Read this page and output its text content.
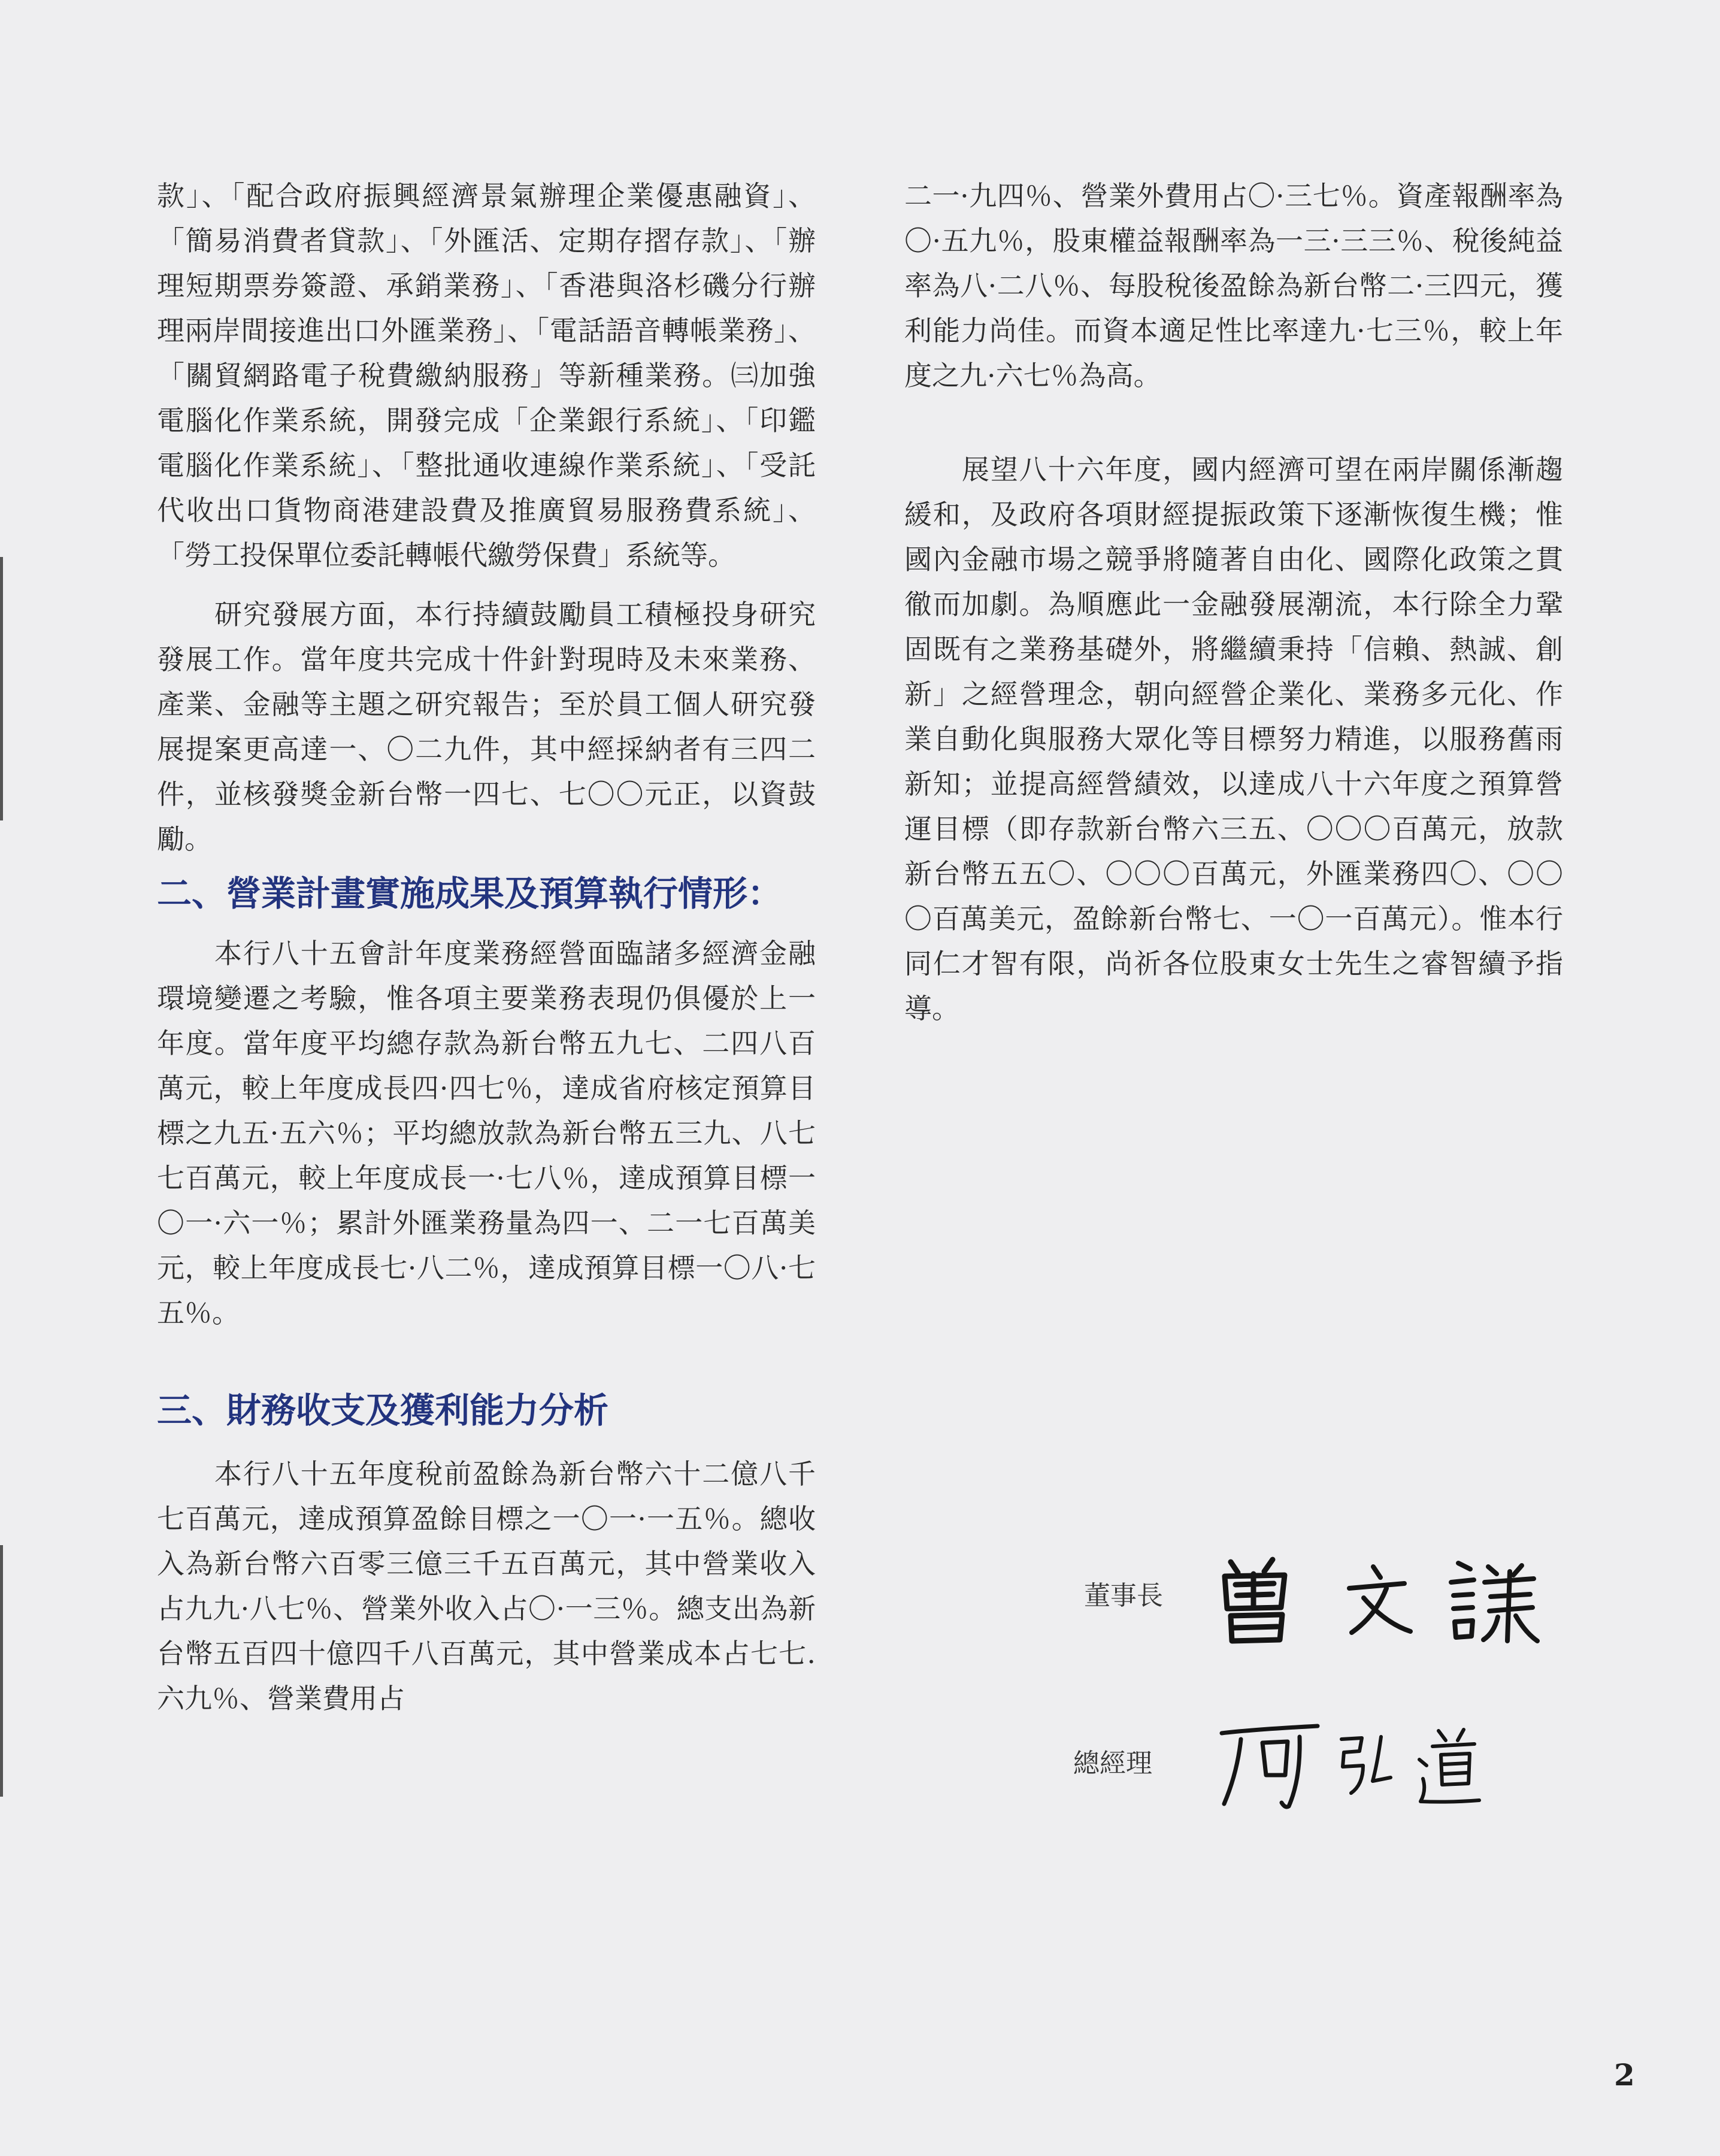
款」、「配合政府振興經濟景氣辦理企業優惠融資」、「簡易消費者貸款」、「外匯活、定期存摺存款」、「辦理短期票券簽證、承銷業務」、「香港與洛杉磯分行辦理兩岸間接進出口外匯業務」、「電話語音轉帳業務」、「關貿網路電子稅費繳納服務」等新種業務。㈢加強電腦化作業系統，開發完成「企業銀行系統」、「印鑑電腦化作業系統」、「整批通收連線作業系統」、「受託代收出口貨物商港建設費及推廣貿易服務費系統」、「勞工投保單位委託轉帳代繳勞保費」系統等。

研究發展方面，本行持續鼓勵員工積極投身研究發展工作。當年度共完成十件針對現時及未來業務、產業、金融等主題之研究報告；至於員工個人研究發展提案更高達一、〇二九件，其中經採納者有三四二件，並核發獎金新台幣一四七、七〇〇元正，以資鼓勵。

二、營業計畫實施成果及預算執行情形：

本行八十五會計年度業務經營面臨諸多經濟金融環境變遷之考驗，惟各項主要業務表現仍俱優於上一年度。當年度平均總存款為新台幣五九七、二四八百萬元，較上年度成長四·四七％，達成省府核定預算目標之九五·五六％；平均總放款為新台幣五三九、八七七百萬元，較上年度成長一·七八％，達成預算目標一〇一·六一％；累計外匯業務量為四一、二一七百萬美元，較上年度成長七·八二％，達成預算目標一〇八·七五％。

三、財務收支及獲利能力分析

本行八十五年度稅前盈餘為新台幣六十二億八千七百萬元，達成預算盈餘目標之一〇一·一五％。總收入為新台幣六百零三億三千五百萬元，其中營業收入占九九·八七％、營業外收入占〇·一三％。總支出為新台幣五百四十億四千八百萬元，其中營業成本占七七.六九％、營業費用占

二一·九四％、營業外費用占〇·三七％。資產報酬率為〇·五九％，股東權益報酬率為一三·三三％、稅後純益率為八·二八％、每股稅後盈餘為新台幣二·三四元，獲利能力尚佳。而資本適足性比率達九·七三％，較上年度之九·六七％為高。

展望八十六年度，國内經濟可望在兩岸關係漸趨緩和，及政府各項財經提振政策下逐漸恢復生機；惟國內金融市場之競爭將隨著自由化、國際化政策之貫徹而加劇。為順應此一金融發展潮流，本行除全力鞏固既有之業務基礎外，將繼續秉持「信賴、熱誠、創新」之經營理念，朝向經營企業化、業務多元化、作業自動化與服務大眾化等目標努力精進，以服務舊雨新知；並提高經營績效，以達成八十六年度之預算營運目標（即存款新台幣六三五、〇〇〇百萬元，放款新台幣五五〇、〇〇〇百萬元，外匯業務四〇、〇〇〇百萬美元，盈餘新台幣七、一〇一百萬元）。惟本行同仁才智有限，尚祈各位股東女士先生之睿智續予指導。

董事長
總經理
2
